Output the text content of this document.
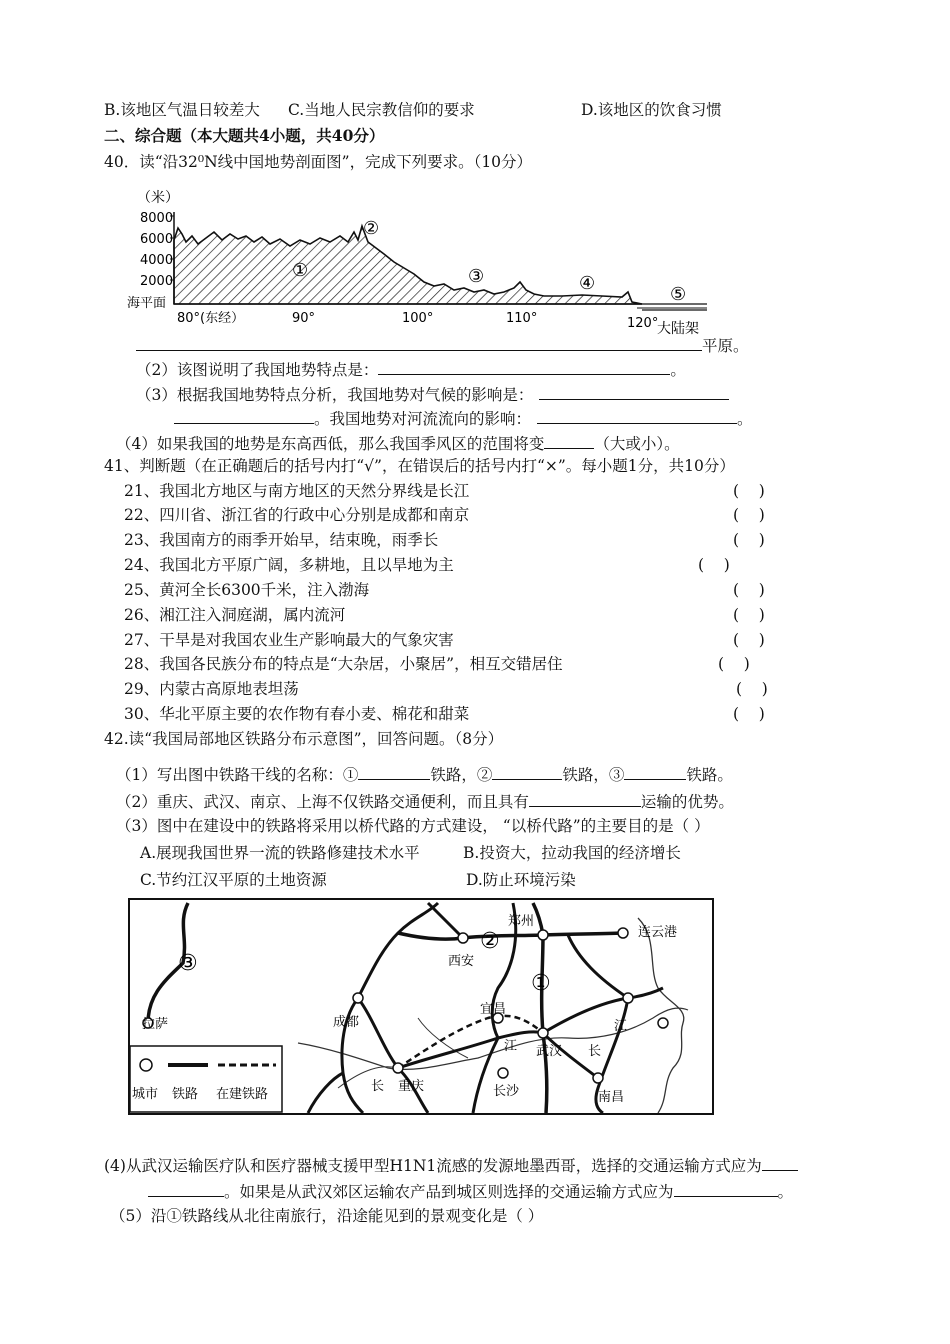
B.该地区气温日较差大 C.当地人民宗教信仰的要求	D.该地区的饮食习惯
二、综合题（本大题共4小题，共40分）
40．读“沿32⁰N线中国地势剖面图”，完成下列要求。（10分）
（米）
8000
6000
4000
2000
海平面
①
②
③	④
⑤
80°(东经）	90°	100°	110°	120°
大陆架
平原。
（2）该图说明了我国地势特点是：	。
（3）根据我国地势特点分析，我国地势对气候的影响是：
。我国地势对河流流向的影响：	。
（4）如果我国的地势是东高西低，那么我国季风区的范围将变	（大或小）。
41、判断题（在正确题后的括号内打“√”，在错误后的括号内打“×”。每小题1分，共10分）
21、我国北方地区与南方地区的天然分界线是长江	(    )
22、四川省、浙江省的行政中心分别是成都和南京	(    )
23、我国南方的雨季开始早，结束晚，雨季长	(    )
24、我国北方平原广阔，多耕地，且以旱地为主	(    )
25、黄河全长6300千米，注入渤海	(    )
26、湘江注入洞庭湖，属内流河	(    )
27、干旱是对我国农业生产影响最大的气象灾害	(    )
28、我国各民族分布的特点是“大杂居，小聚居”，相互交错居住	(    )
29、内蒙古高原地表坦荡	(    )
30、华北平原主要的农作物有春小麦、棉花和甜菜	(    )
42.读“我国局部地区铁路分布示意图”，回答问题。（8分）
（1）写出图中铁路干线的名称：①	铁路，②	铁路，③	铁路。
（2）重庆、武汉、南京、上海不仅铁路交通便利，而且具有	运输的优势。
（3）图中在建设中的铁路将采用以桥代路的方式建设， “以桥代路”的主要目的是（ ）
A.展现我国世界一流的铁路修建技术水平	B.投资大，拉动我国的经济增长
C.节约江汉平原的土地资源	D.防止环境污染
拉萨
西安
郑州
连云港
成都
宜昌
武汉
重庆	长沙	南昌
江
长
江
长
①
②
③
城市 铁路 在建铁路
(4)从武汉运输医疗队和医疗器械支援甲型H1N1流感的发源地墨西哥，选择的交通运输方式应为
。如果是从武汉郊区运输农产品到城区则选择的交通运输方式应为	。
（5）沿①铁路线从北往南旅行，沿途能见到的景观变化是（ ）
